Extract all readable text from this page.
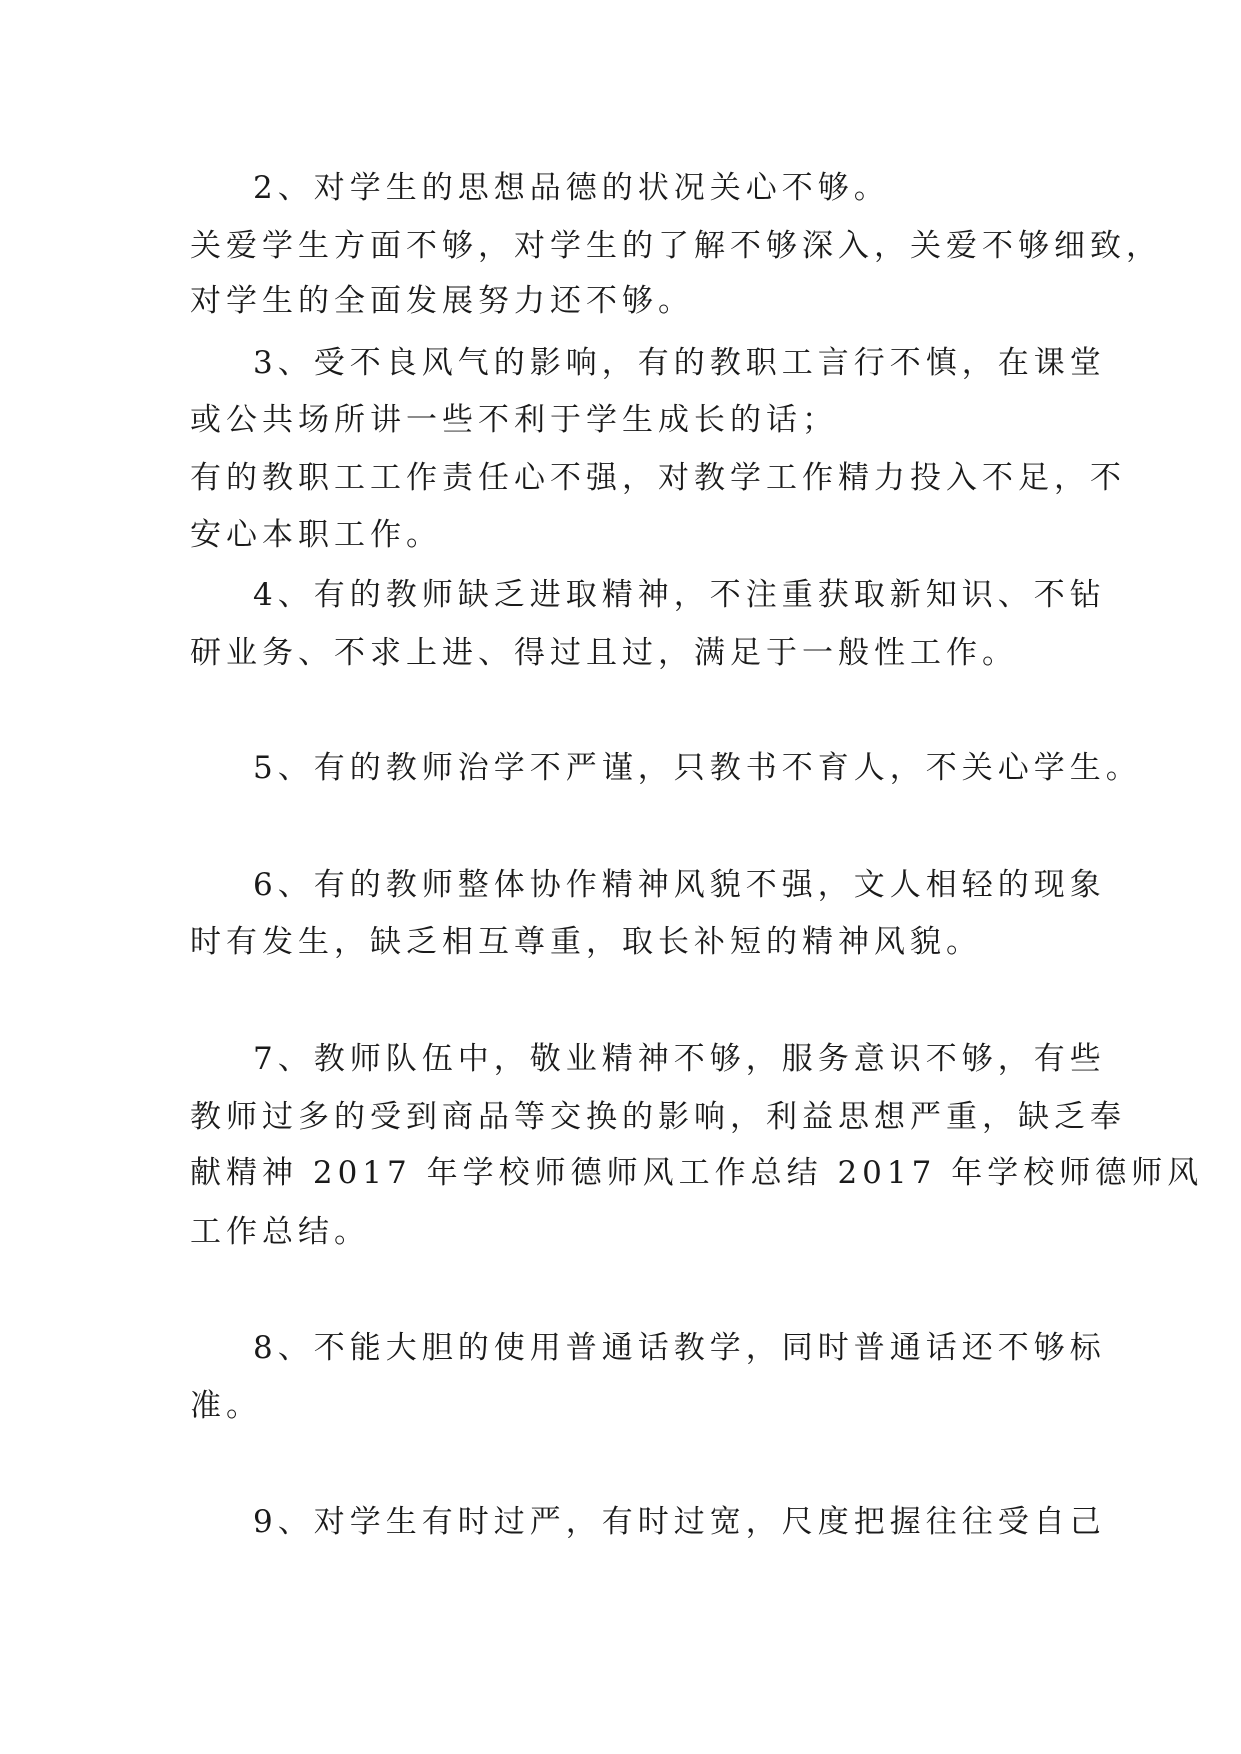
2、对学生的思想品德的状况关心不够。
关爱学生方面不够，对学生的了解不够深入，关爱不够细致，
对学生的全面发展努力还不够。
3、受不良风气的影响，有的教职工言行不慎，在课堂
或公共场所讲一些不利于学生成长的话；
有的教职工工作责任心不强，对教学工作精力投入不足，不
安心本职工作。
4、有的教师缺乏进取精神，不注重获取新知识、不钻
研业务、不求上进、得过且过，满足于一般性工作。
5、有的教师治学不严谨，只教书不育人，不关心学生。
6、有的教师整体协作精神风貌不强，文人相轻的现象
时有发生，缺乏相互尊重，取长补短的精神风貌。
7、教师队伍中，敬业精神不够，服务意识不够，有些
教师过多的受到商品等交换的影响，利益思想严重，缺乏奉
献精神 2017 年学校师德师风工作总结 2017 年学校师德师风
工作总结。
8、不能大胆的使用普通话教学，同时普通话还不够标
准。
9、对学生有时过严，有时过宽，尺度把握往往受自己
